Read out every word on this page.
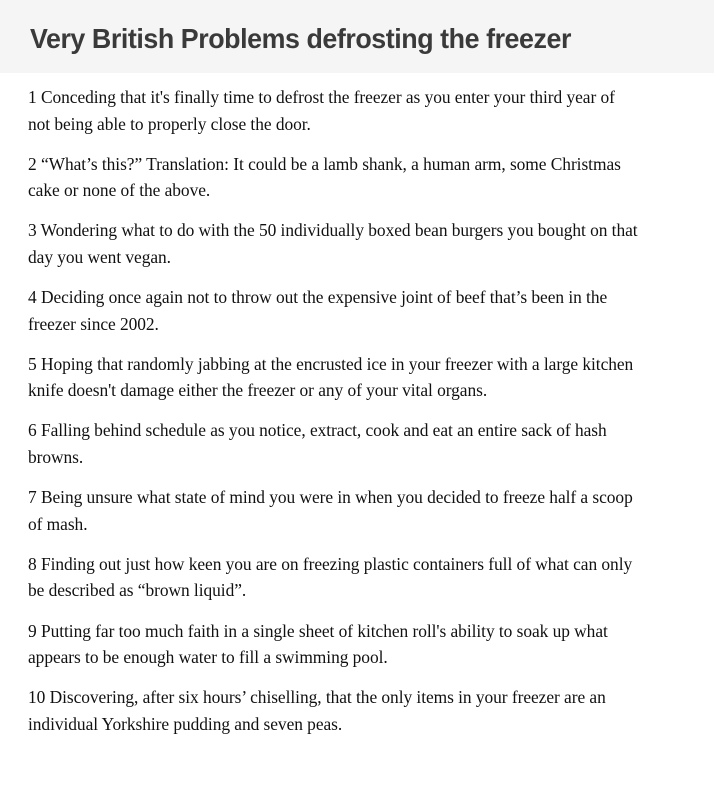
Very British Problems defrosting the freezer
1 Conceding that it's finally time to defrost the freezer as you enter your third year of not being able to properly close the door.
2 “What’s this?” Translation: It could be a lamb shank, a human arm, some Christmas cake or none of the above.
3 Wondering what to do with the 50 individually boxed bean burgers you bought on that day you went vegan.
4 Deciding once again not to throw out the expensive joint of beef that’s been in the freezer since 2002.
5 Hoping that randomly jabbing at the encrusted ice in your freezer with a large kitchen knife doesn't damage either the freezer or any of your vital organs.
6 Falling behind schedule as you notice, extract, cook and eat an entire sack of hash browns.
7 Being unsure what state of mind you were in when you decided to freeze half a scoop of mash.
8 Finding out just how keen you are on freezing plastic containers full of what can only be described as “brown liquid”.
9 Putting far too much faith in a single sheet of kitchen roll's ability to soak up what appears to be enough water to fill a swimming pool.
10 Discovering, after six hours’ chiselling, that the only items in your freezer are an individual Yorkshire pudding and seven peas.
